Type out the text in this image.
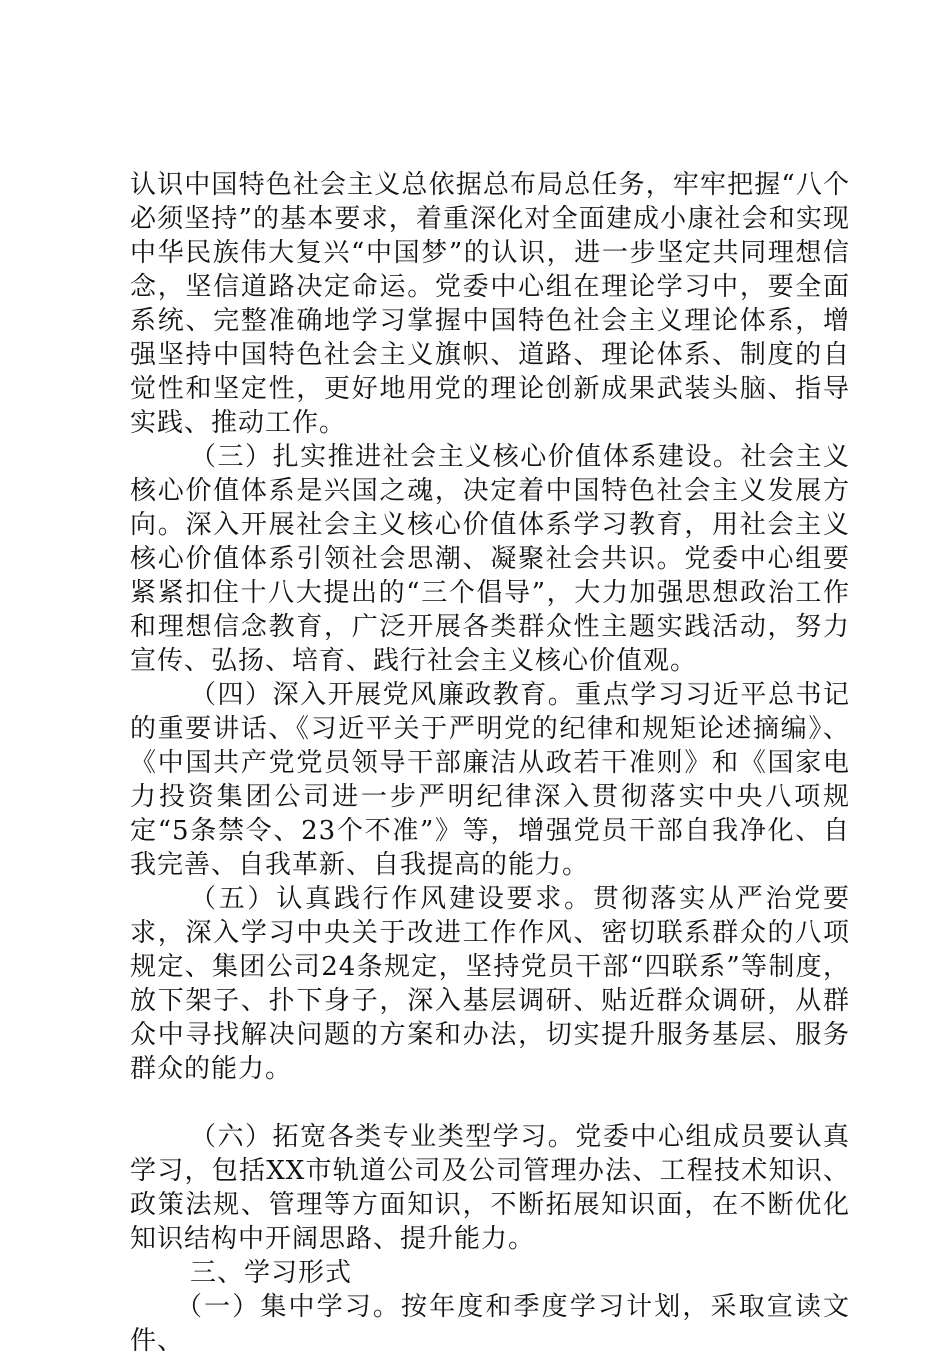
认识中国特色社会主义总依据总布局总任务，牢牢把握“八个必须坚持”的基本要求，着重深化对全面建成小康社会和实现中华民族伟大复兴“中国梦”的认识，进一步坚定共同理想信念，坚信道路决定命运。党委中心组在理论学习中，要全面系统、完整准确地学习掌握中国特色社会主义理论体系，增强坚持中国特色社会主义旗帜、道路、理论体系、制度的自觉性和坚定性，更好地用党的理论创新成果武装头脑、指导实践、推动工作。

（三）扎实推进社会主义核心价值体系建设。社会主义核心价值体系是兴国之魂，决定着中国特色社会主义发展方向。深入开展社会主义核心价值体系学习教育，用社会主义核心价值体系引领社会思潮、凝聚社会共识。党委中心组要紧紧扣住十八大提出的“三个倡导”，大力加强思想政治工作和理想信念教育，广泛开展各类群众性主题实践活动，努力宣传、弘扬、培育、践行社会主义核心价值观。

（四）深入开展党风廉政教育。重点学习习近平总书记的重要讲话、《习近平关于严明党的纪律和规矩论述摘编》、《中国共产党党员领导干部廉洁从政若干准则》和《国家电力投资集团公司进一步严明纪律深入贯彻落实中央八项规定“5条禁令、23个不准”》等，增强党员干部自我净化、自我完善、自我革新、自我提高的能力。

（五）认真践行作风建设要求。贯彻落实从严治党要求，深入学习中央关于改进工作作风、密切联系群众的八项规定、集团公司24条规定，坚持党员干部“四联系”等制度，放下架子、扑下身子，深入基层调研、贴近群众调研，从群众中寻找解决问题的方案和办法，切实提升服务基层、服务群众的能力。

（六）拓宽各类专业类型学习。党委中心组成员要认真学习，包括XX市轨道公司及公司管理办法、工程技术知识、政策法规、管理等方面知识，不断拓展知识面，在不断优化知识结构中开阔思路、提升能力。

三、学习形式

（一）集中学习。按年度和季度学习计划，采取宣读文件、
